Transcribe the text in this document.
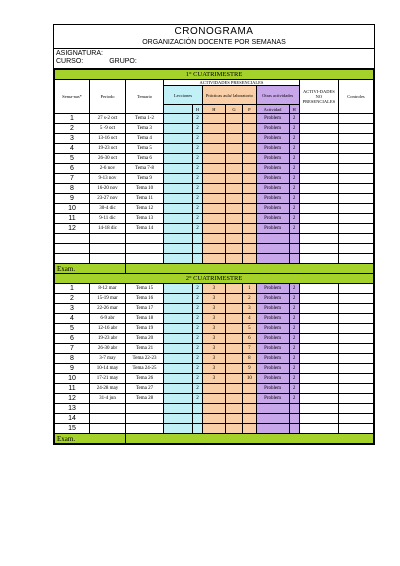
CRONOGRAMA
ORGANIZACIÓN DOCENTE POR SEMANAS
ASIGNATURA:
CURSO:	GRUPO:
1° CUATRIMESTRE											
Sema-nas*	Periodo	Temario	ACTIVIDADES PRESENCIALES							ACTIVI-DADES NO PRESENCIALES	Controles
			Lecciones		Prácticas aula/ laboratorio			Otras actividades			
				H	H	G	P	Actividad	H		
1	27 s-2 oct	Tema 1-2		2				Problem	2		
2	5 -9 oct	Tema 3		2				Problem	2		
3	13-16 oct	Tema 4		2				Problem	2		
4	19-23 oct	Tema 5		2				Problem	2		
5	26-30 oct	Tema 6		2				Problem	2		
6	2-6 nov	Tema 7-8		2				Problem	2		
7	9-13 nov	Tema 9		2				Problem	2		
8	16-20 nov	Tema 10		2				Problem	2		
9	23-27 nov	Tema 11		2				Problem	2		
10	30-4 dic	Tema 12		2				Problem	2		
11	9-11 dic	Tema 13		2				Problem	2		
12	14-18 dic	Tema 14		2				Problem	2		

Exam.											
2° CUATRIMESTRE											
1	8-12 mar	Tema 15		2	3		1	Problem	2		
2	15-19 mar	Tema 16		2	3		2	Problem	2		
3	22-26 mar	Tema 17		2	3		3	Problem	2		
4	6-9 abr	Tema 18		2	3		4	Problem	2		
5	12-16 abr	Tema 19		2	3		5	Problem	2		
6	19-23 abr	Tema 20		2	3		6	Problem	2		
7	26-30 abr	Tema 21		2	3		7	Problem	2		
8	3-7 may	Tema 22-23		2	3		8	Problem	2		
9	10-14 may	Tema 24-25		2	3		9	Problem	2		
10	17-21 may	Tema 26		2	3		10	Problem	2		
11	24-28 may	Tema 27		2				Problem	2		
12	31-4 jun	Tema 28		2				Problem	2		
13											
14											
15											
Exam.											
